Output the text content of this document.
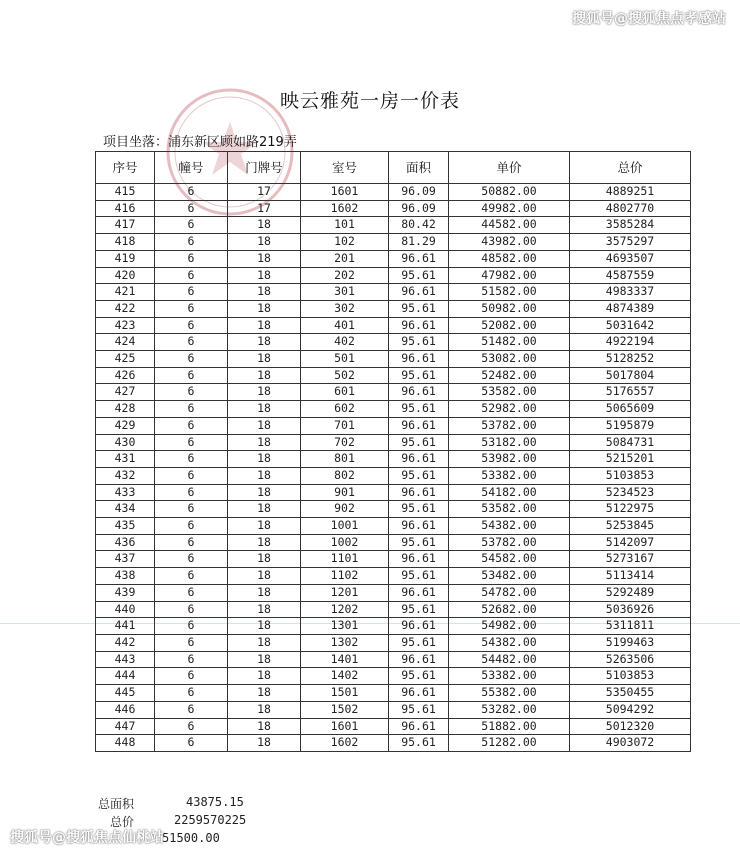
搜狐号@搜狐焦点孝感站
映云雅苑一房一价表
项目坐落：浦东新区顾如路219弄
序号	幢号	门牌号	室号	面积	单价	总价
415	6	17	1601	96.09	50882.00	4889251
416	6	17	1602	96.09	49982.00	4802770
417	6	18	101	80.42	44582.00	3585284
418	6	18	102	81.29	43982.00	3575297
419	6	18	201	96.61	48582.00	4693507
420	6	18	202	95.61	47982.00	4587559
421	6	18	301	96.61	51582.00	4983337
422	6	18	302	95.61	50982.00	4874389
423	6	18	401	96.61	52082.00	5031642
424	6	18	402	95.61	51482.00	4922194
425	6	18	501	96.61	53082.00	5128252
426	6	18	502	95.61	52482.00	5017804
427	6	18	601	96.61	53582.00	5176557
428	6	18	602	95.61	52982.00	5065609
429	6	18	701	96.61	53782.00	5195879
430	6	18	702	95.61	53182.00	5084731
431	6	18	801	96.61	53982.00	5215201
432	6	18	802	95.61	53382.00	5103853
433	6	18	901	96.61	54182.00	5234523
434	6	18	902	95.61	53582.00	5122975
435	6	18	1001	96.61	54382.00	5253845
436	6	18	1002	95.61	53782.00	5142097
437	6	18	1101	96.61	54582.00	5273167
438	6	18	1102	95.61	53482.00	5113414
439	6	18	1201	96.61	54782.00	5292489
440	6	18	1202	95.61	52682.00	5036926
441	6	18	1301	96.61	54982.00	5311811
442	6	18	1302	95.61	54382.00	5199463
443	6	18	1401	96.61	54482.00	5263506
444	6	18	1402	95.61	53382.00	5103853
445	6	18	1501	96.61	55382.00	5350455
446	6	18	1502	95.61	53282.00	5094292
447	6	18	1601	96.61	51882.00	5012320
448	6	18	1602	95.61	51282.00	4903072
总面积	43875.15
总价	2259570225
51500.00
搜狐号@搜狐焦点仙桃站
